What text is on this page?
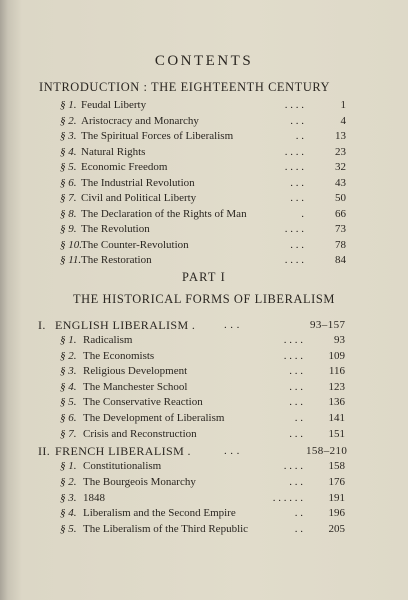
CONTENTS
INTRODUCTION : THE EIGHTEENTH CENTURY
§ 1. Feudal Liberty	. . . .	1
§ 2. Aristocracy and Monarchy	. . .	4
§ 3. The Spiritual Forces of Liberalism	. .	13
§ 4. Natural Rights	. . . .	23
§ 5. Economic Freedom	. . . .	32
§ 6. The Industrial Revolution	. . .	43
§ 7. Civil and Political Liberty	. . .	50
§ 8. The Declaration of the Rights of Man	.	66
§ 9. The Revolution	. . . .	73
§ 10. The Counter-Revolution	. . .	78
§ 11. The Restoration	. . . .	84
PART I
THE HISTORICAL FORMS OF LIBERALISM
I. ENGLISH LIBERALISM .	. . .	93–157
§ 1. Radicalism	. . . .	93
§ 2. The Economists	. . . .	109
§ 3. Religious Development	. . .	116
§ 4. The Manchester School	. . .	123
§ 5. The Conservative Reaction	. . .	136
§ 6. The Development of Liberalism	. .	141
§ 7. Crisis and Reconstruction	. . .	151
II. FRENCH LIBERALISM .	. . .	158–210
§ 1. Constitutionalism	. . . .	158
§ 2. The Bourgeois Monarchy	. . .	176
§ 3. 1848	. . . . . .	191
§ 4. Liberalism and the Second Empire	. .	196
§ 5. The Liberalism of the Third Republic	. .	205
